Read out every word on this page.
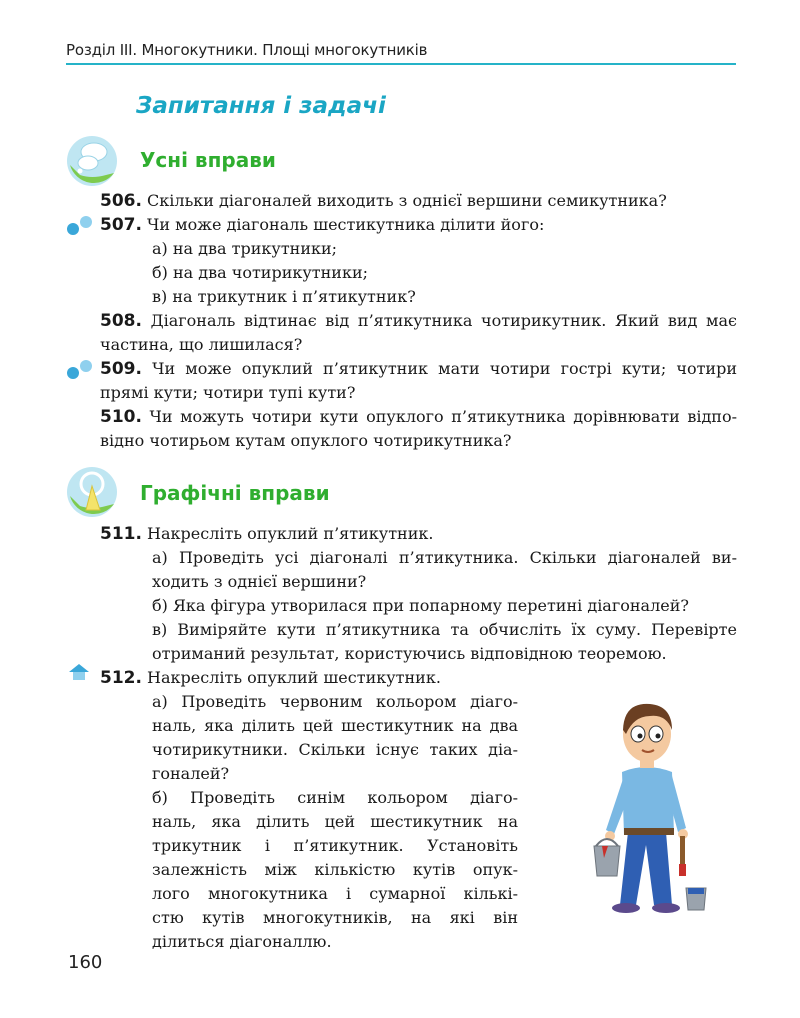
Розділ III. Многокутники. Площі многокутників
Запитання і задачі
Усні вправи
506. Скільки діагоналей виходить з однієї вершини семикутника?
507. Чи може діагональ шестикутника ділити його:
а) на два трикутники;
б) на два чотирикутники;
в) на трикутник і п’ятикутник?
508. Діагональ відтинає від п’ятикутника чотирикутник. Який вид має
частина, що лишилася?
509. Чи може опуклий п’ятикутник мати чотири гострі кути; чотири
прямі кути; чотири тупі кути?
510. Чи можуть чотири кути опуклого п’ятикутника дорівнювати відпо-
відно чотирьом кутам опуклого чотирикутника?
Графічні вправи
511. Накресліть опуклий п’ятикутник.
а) Проведіть усі діагоналі п’ятикутника. Скільки діагоналей ви-
ходить з однієї вершини?
б) Яка фігура утворилася при попарному перетині діагоналей?
в) Виміряйте кути п’ятикутника та обчисліть їх суму. Перевірте
отриманий результат, користуючись відповідною теоремою.
512. Накресліть опуклий шестикутник.
а) Проведіть червоним кольором діаго-
наль, яка ділить цей шестикутник на два
чотирикутники. Скільки існує таких діа-
гоналей?
б) Проведіть синім кольором діаго-
наль, яка ділить цей шестикутник на
трикутник і п’ятикутник. Установіть
залежність між кількістю кутів опук-
лого многокутника і сумарної кількі-
стю кутів многокутників, на які він
ділиться діагоналлю.
160
